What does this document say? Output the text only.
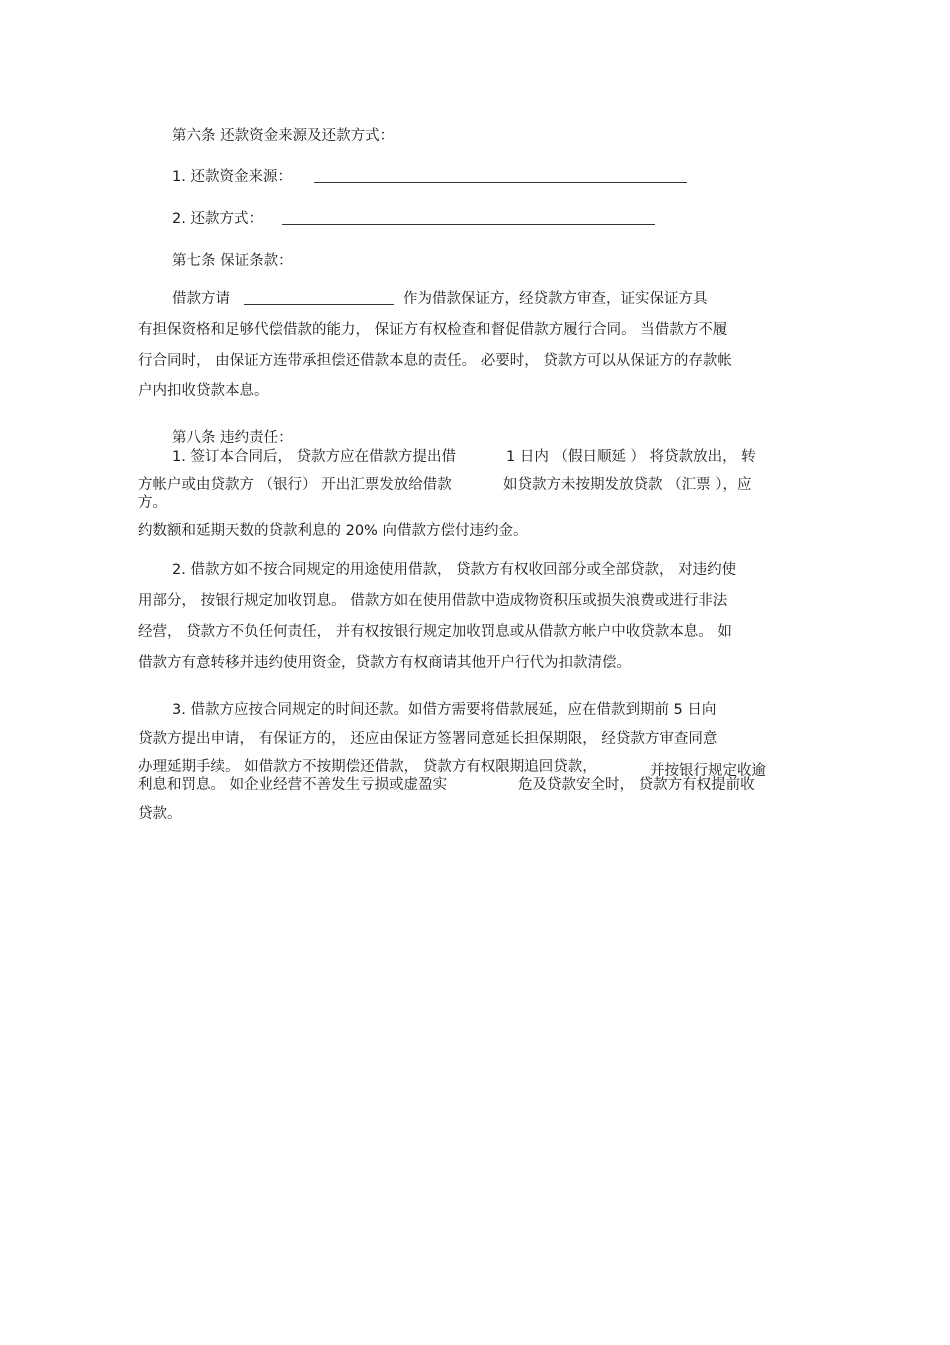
第六条 还款资金来源及还款方式：
1. 还款资金来源：
2. 还款方式：
第七条 保证条款：
借款方请	作为借款保证方，经贷款方审查，证实保证方具
有担保资格和足够代偿借款的能力， 保证方有权检查和督促借款方履行合同。 当借款方不履
行合同时， 由保证方连带承担偿还借款本息的责任。 必要时， 贷款方可以从保证方的存款帐
户内扣收贷款本息。
第八条 违约责任：
1. 签订本合同后， 贷款方应在借款方提出借	1 日内 （假日顺延 ） 将贷款放出， 转
方帐户或由贷款方 （银行） 开出汇票发放给借款	如贷款方未按期发放贷款 （汇票 ），应
方。
约数额和延期天数的贷款利息的 20% 向借款方偿付违约金。
2. 借款方如不按合同规定的用途使用借款， 贷款方有权收回部分或全部贷款， 对违约使
用部分， 按银行规定加收罚息。 借款方如在使用借款中造成物资积压或损失浪费或进行非法
经营， 贷款方不负任何责任， 并有权按银行规定加收罚息或从借款方帐户中收贷款本息。 如
借款方有意转移并违约使用资金，贷款方有权商请其他开户行代为扣款清偿。
3. 借款方应按合同规定的时间还款。如借方需要将借款展延，应在借款到期前 5 日向
贷款方提出申请， 有保证方的， 还应由保证方签署同意延长担保期限， 经贷款方审查同意
办理延期手续。 如借款方不按期偿还借款， 贷款方有权限期追回贷款，	并按银行规定收逾
利息和罚息。 如企业经营不善发生亏损或虚盈实	危及贷款安全时， 贷款方有权提前收
贷款。
